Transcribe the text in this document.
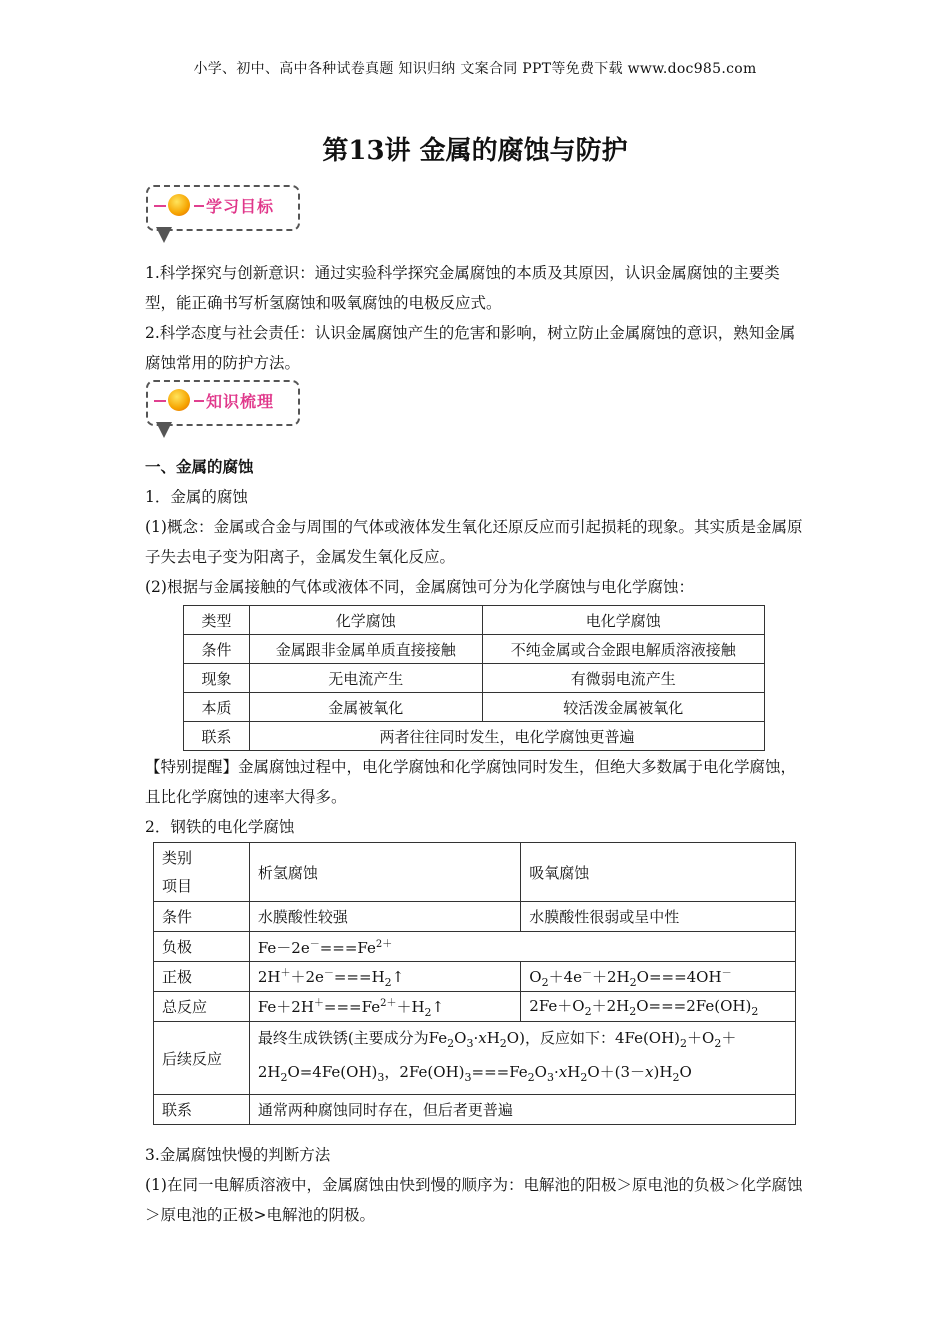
小学、初中、高中各种试卷真题 知识归纳 文案合同 PPT等免费下载 www.doc985.com
第13讲 金属的腐蚀与防护
学习目标

1.科学探究与创新意识：通过实验科学探究金属腐蚀的本质及其原因，认识金属腐蚀的主要类型，能正确书写析氢腐蚀和吸氧腐蚀的电极反应式。

2.科学态度与社会责任：认识金属腐蚀产生的危害和影响，树立防止金属腐蚀的意识，熟知金属腐蚀常用的防护方法。

知识梳理

一、金属的腐蚀

1．金属的腐蚀

(1)概念：金属或合金与周围的气体或液体发生氧化还原反应而引起损耗的现象。其实质是金属原子失去电子变为阳离子，金属发生氧化反应。

(2)根据与金属接触的气体或液体不同，金属腐蚀可分为化学腐蚀与电化学腐蚀：

类型	化学腐蚀	电化学腐蚀
条件	金属跟非金属单质直接接触	不纯金属或合金跟电解质溶液接触
现象	无电流产生	有微弱电流产生
本质	金属被氧化	较活泼金属被氧化
联系	两者往往同时发生，电化学腐蚀更普遍	

【特别提醒】金属腐蚀过程中，电化学腐蚀和化学腐蚀同时发生，但绝大多数属于电化学腐蚀，且比化学腐蚀的速率大得多。

2．钢铁的电化学腐蚀

类别
项目	析氢腐蚀	吸氧腐蚀
条件	水膜酸性较强	水膜酸性很弱或呈中性
负极	$Fe-2e^-===Fe^{2+}$
正极	$2H^++2e^-===H_2↑$	$O_2+4e^-+2H_2O===4OH^-$
总反应	$Fe+2H^+===Fe^{2+}+H_2↑$	$2Fe+O_2+2H_2O===2Fe(OH)_2$
后续反应	最终生成铁锈(主要成分为$Fe_2O_3\cdot xH_2O$)，反应如下：$4Fe(OH)_2+O_2+$
$2H_2O=4Fe(OH)_3$，$2Fe(OH)_3===Fe_2O_3\cdot xH_2O+(3-x)H_2O$	
联系	通常两种腐蚀同时存在，但后者更普遍	

3.金属腐蚀快慢的判断方法

(1)在同一电解质溶液中，金属腐蚀由快到慢的顺序为：电解池的阳极＞原电池的负极＞化学腐蚀＞原电池的正极>电解池的阴极。
